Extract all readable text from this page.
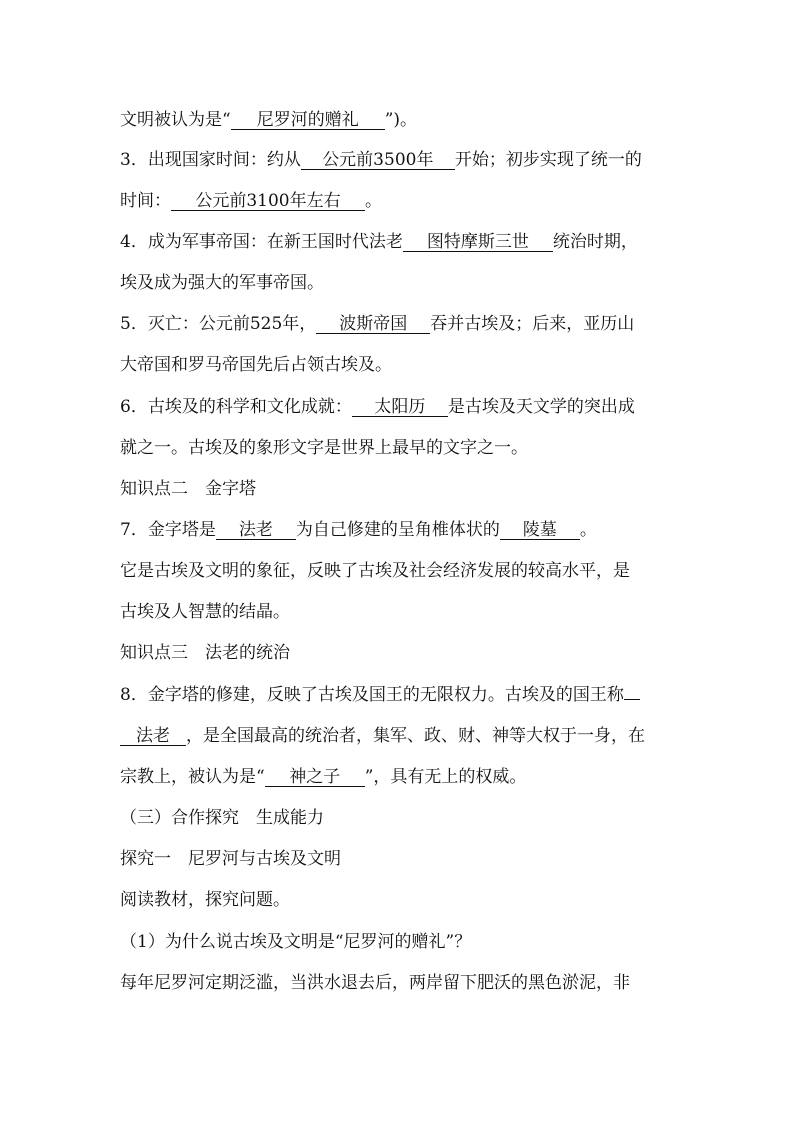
文明被认为是“ 尼罗河的赠礼 ”)。
3．出现国家时间：约从 公元前3500年 开始；初步实现了统一的
时间： 公元前3100年左右 。
4．成为军事帝国：在新王国时代法老 图特摩斯三世 统治时期，
埃及成为强大的军事帝国。
5．灭亡：公元前525年， 波斯帝国 吞并古埃及；后来，亚历山
大帝国和罗马帝国先后占领古埃及。
6．古埃及的科学和文化成就： 太阳历 是古埃及天文学的突出成
就之一。古埃及的象形文字是世界上最早的文字之一。
知识点二　金字塔
7．金字塔是 法老 为自己修建的呈角椎体状的 陵墓 。
它是古埃及文明的象征，反映了古埃及社会经济发展的较高水平，是
古埃及人智慧的结晶。
知识点三　法老的统治
8．金字塔的修建，反映了古埃及国王的无限权力。古埃及的国王称
法老 ，是全国最高的统治者，集军、政、财、神等大权于一身，在
宗教上，被认为是“ 神之子 ”，具有无上的权威。
（三）合作探究　生成能力
探究一　尼罗河与古埃及文明
阅读教材，探究问题。
（1）为什么说古埃及文明是“尼罗河的赠礼”？
每年尼罗河定期泛滥，当洪水退去后，两岸留下肥沃的黑色淤泥，非
